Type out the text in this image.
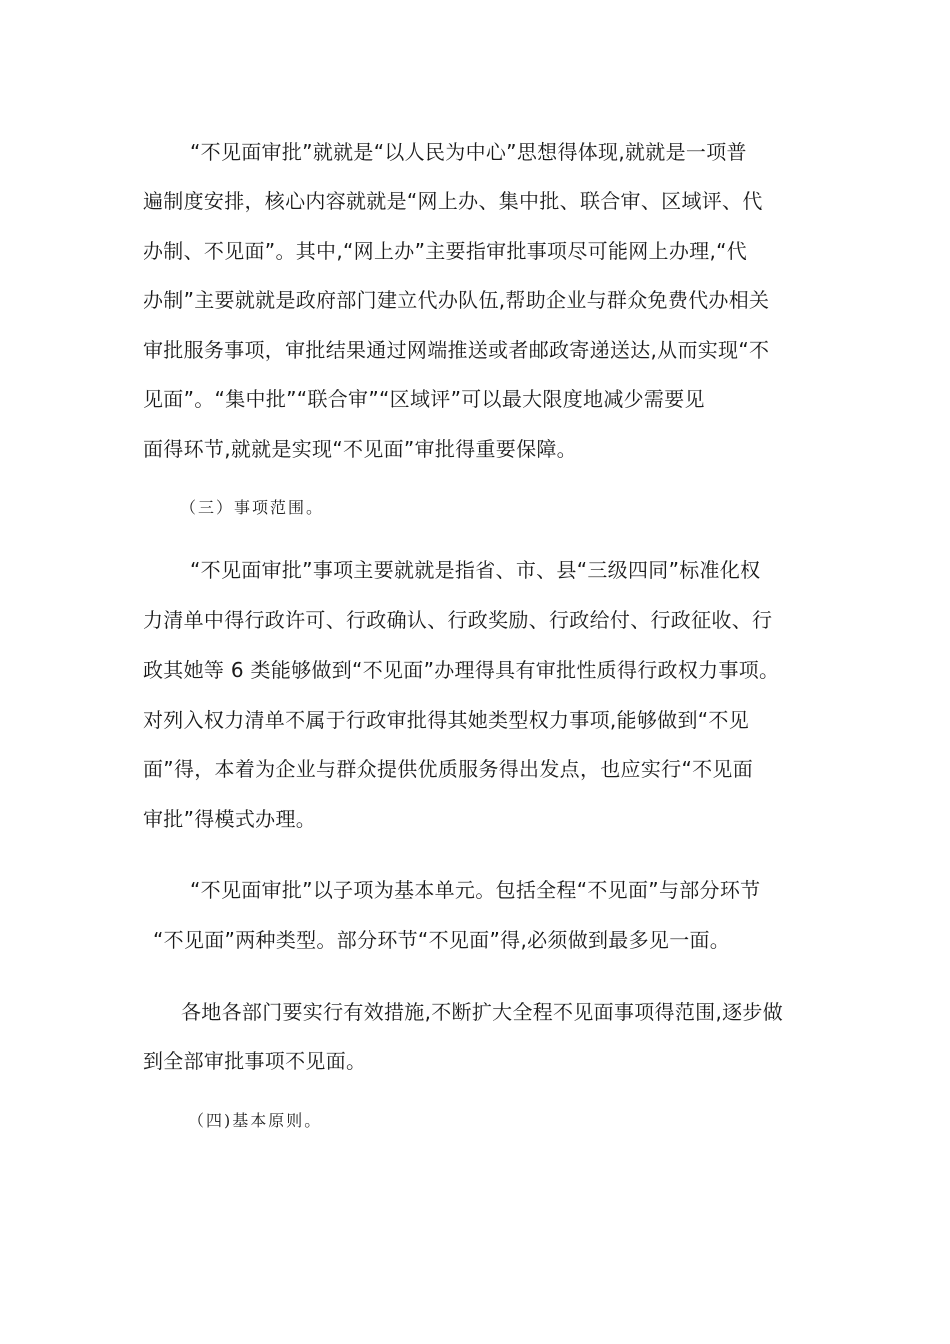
“不见面审批”就就是“以人民为中心”思想得体现,就就是一项普
遍制度安排，核心内容就就是“网上办、集中批、联合审、区域评、代
办制、不见面”。其中,“网上办”主要指审批事项尽可能网上办理,“代
办制”主要就就是政府部门建立代办队伍,帮助企业与群众免费代办相关
审批服务事项，审批结果通过网端推送或者邮政寄递送达,从而实现“不
见面”。“集中批”“联合审”“区域评”可以最大限度地减少需要见
面得环节,就就是实现“不见面”审批得重要保障。
（三）事项范围。
“不见面审批”事项主要就就是指省、市、县“三级四同”标准化权
力清单中得行政许可、行政确认、行政奖励、行政给付、行政征收、行
政其她等 6 类能够做到“不见面”办理得具有审批性质得行政权力事项。
对列入权力清单不属于行政审批得其她类型权力事项,能够做到“不见
面”得，本着为企业与群众提供优质服务得出发点，也应实行“不见面
审批”得模式办理。
“不见面审批”以子项为基本单元。包括全程“不见面”与部分环节
“不见面”两种类型。部分环节“不见面”得,必须做到最多见一面。
各地各部门要实行有效措施,不断扩大全程不见面事项得范围,逐步做
到全部审批事项不见面。
（四)基本原则。
